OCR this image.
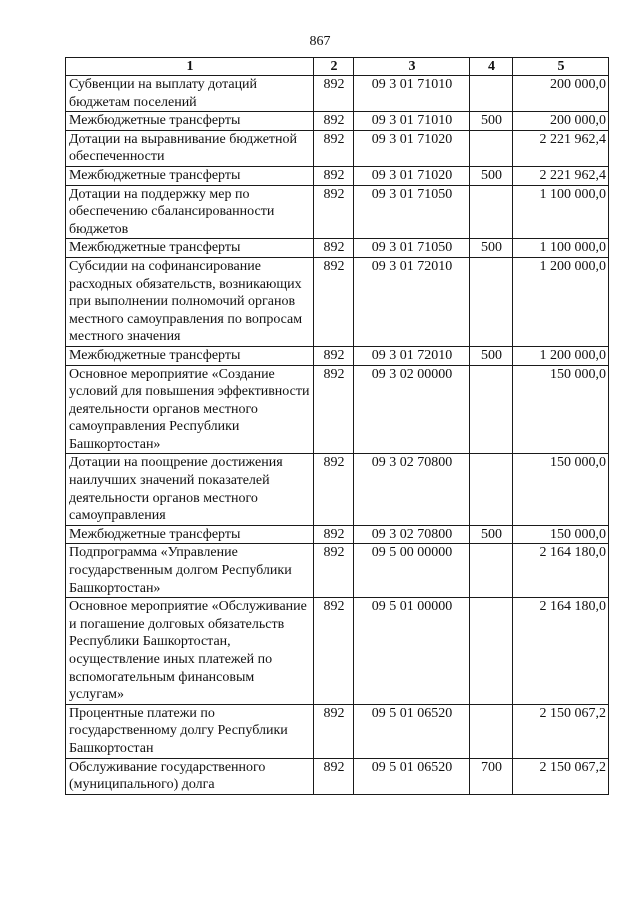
867
1	2	3	4	5
Субвенции на выплату дотаций бюджетам поселений	892	09 3 01 71010		200 000,0
Межбюджетные трансферты	892	09 3 01 71010	500	200 000,0
Дотации на выравнивание бюджетной обеспеченности	892	09 3 01 71020		2 221 962,4
Межбюджетные трансферты	892	09 3 01 71020	500	2 221 962,4
Дотации на поддержку мер по обеспечению сбалансированности бюджетов	892	09 3 01 71050		1 100 000,0
Межбюджетные трансферты	892	09 3 01 71050	500	1 100 000,0
Субсидии на софинансирование расходных обязательств, возникающих при выполнении полномочий органов местного самоуправления по вопросам местного значения	892	09 3 01 72010		1 200 000,0
Межбюджетные трансферты	892	09 3 01 72010	500	1 200 000,0
Основное мероприятие «Создание условий для повышения эффективности деятельности органов местного самоуправления Республики Башкортостан»	892	09 3 02 00000		150 000,0
Дотации на поощрение достижения наилучших значений показателей деятельности органов местного самоуправления	892	09 3 02 70800		150 000,0
Межбюджетные трансферты	892	09 3 02 70800	500	150 000,0
Подпрограмма «Управление государственным долгом Республики Башкортостан»	892	09 5 00 00000		2 164 180,0
Основное мероприятие «Обслуживание и погашение долговых обязательств Республики Башкортостан, осуществление иных платежей по вспомогательным финансовым услугам»	892	09 5 01 00000		2 164 180,0
Процентные платежи по государственному долгу Республики Башкортостан	892	09 5 01 06520		2 150 067,2
Обслуживание государственного (муниципального) долга	892	09 5 01 06520	700	2 150 067,2
